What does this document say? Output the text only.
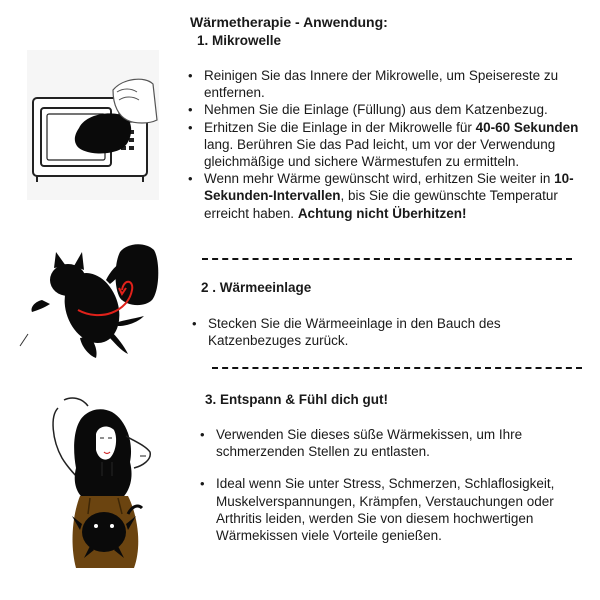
Wärmetherapie - Anwendung:
1. Mikrowelle
• Reinigen Sie das Innere der Mikrowelle, um Speisereste zu entfernen.
• Nehmen Sie die Einlage (Füllung) aus dem Katzenbezug.
• Erhitzen Sie die Einlage in der Mikrowelle für 40-60 Sekunden lang. Berühren Sie das Pad leicht, um vor der Verwendung gleichmäßige und sichere Wärmestufen zu ermitteln.
• Wenn mehr Wärme gewünscht wird, erhitzen Sie weiter in 10-Sekunden-Intervallen, bis Sie die gewünschte Temperatur erreicht haben. Achtung nicht Überhitzen!
2 . Wärmeeinlage
• Stecken Sie die Wärmeeinlage in den Bauch des Katzenbezuges zurück.
3. Entspann & Fühl dich gut!
• Verwenden Sie dieses süße Wärmekissen, um Ihre schmerzenden Stellen zu entlasten.
• Ideal wenn Sie unter Stress, Schmerzen, Schlaflosigkeit, Muskelverspannungen, Krämpfen, Verstauchungen oder Arthritis leiden, werden Sie von diesem hochwertigen Wärmekissen viele Vorteile genießen.
